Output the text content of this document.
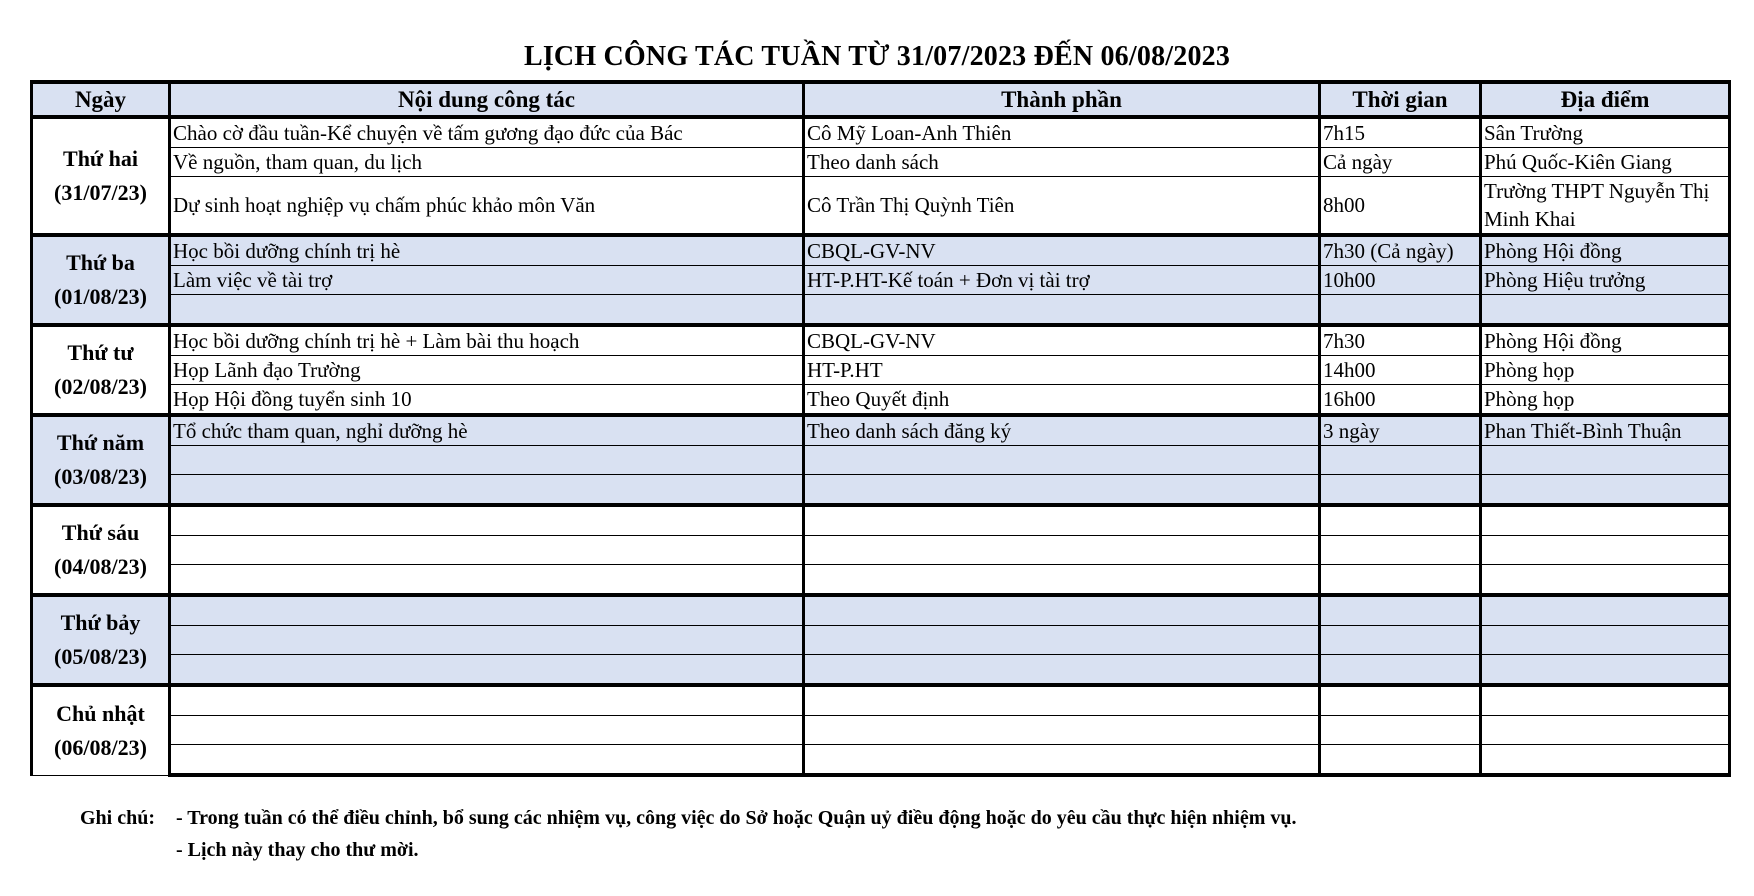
LỊCH CÔNG TÁC TUẦN TỪ 31/07/2023 ĐẾN 06/08/2023
Ngày	Nội dung công tác	Thành phần	Thời gian	Địa điểm
Thứ hai
(31/07/23)	Chào cờ đầu tuần-Kể chuyện về tấm gương đạo đức của Bác	Cô Mỹ Loan-Anh Thiên	7h15	Sân Trường
	Về nguồn, tham quan, du lịch	Theo danh sách	Cả ngày	Phú Quốc-Kiên Giang
	Dự sinh hoạt nghiệp vụ chấm phúc khảo môn Văn	Cô Trần Thị Quỳnh Tiên	8h00	Trường THPT Nguyễn Thị Minh Khai
Thứ ba
(01/08/23)	Học bồi dưỡng chính trị hè	CBQL-GV-NV	7h30 (Cả ngày)	Phòng Hội đồng
	Làm việc về tài trợ	HT-P.HT-Kế toán + Đơn vị tài trợ	10h00	Phòng Hiệu trưởng

Thứ tư
(02/08/23)	Học bồi dưỡng chính trị hè + Làm bài thu hoạch	CBQL-GV-NV	7h30	Phòng Hội đồng
	Họp Lãnh đạo Trường	HT-P.HT	14h00	Phòng họp
	Họp Hội đồng tuyển sinh 10	Theo Quyết định	16h00	Phòng họp
Thứ năm
(03/08/23)	Tổ chức tham quan, nghỉ dưỡng hè	Theo danh sách đăng ký	3 ngày	Phan Thiết-Bình Thuận

Thứ sáu
(04/08/23)				

Thứ bảy
(05/08/23)				

Chủ nhật
(06/08/23)				

Ghi chú:	- Trong tuần có thể điều chỉnh, bổ sung các nhiệm vụ, công việc do Sở hoặc Quận uỷ điều động hoặc do yêu cầu thực hiện nhiệm vụ.
- Lịch này thay cho thư mời.
